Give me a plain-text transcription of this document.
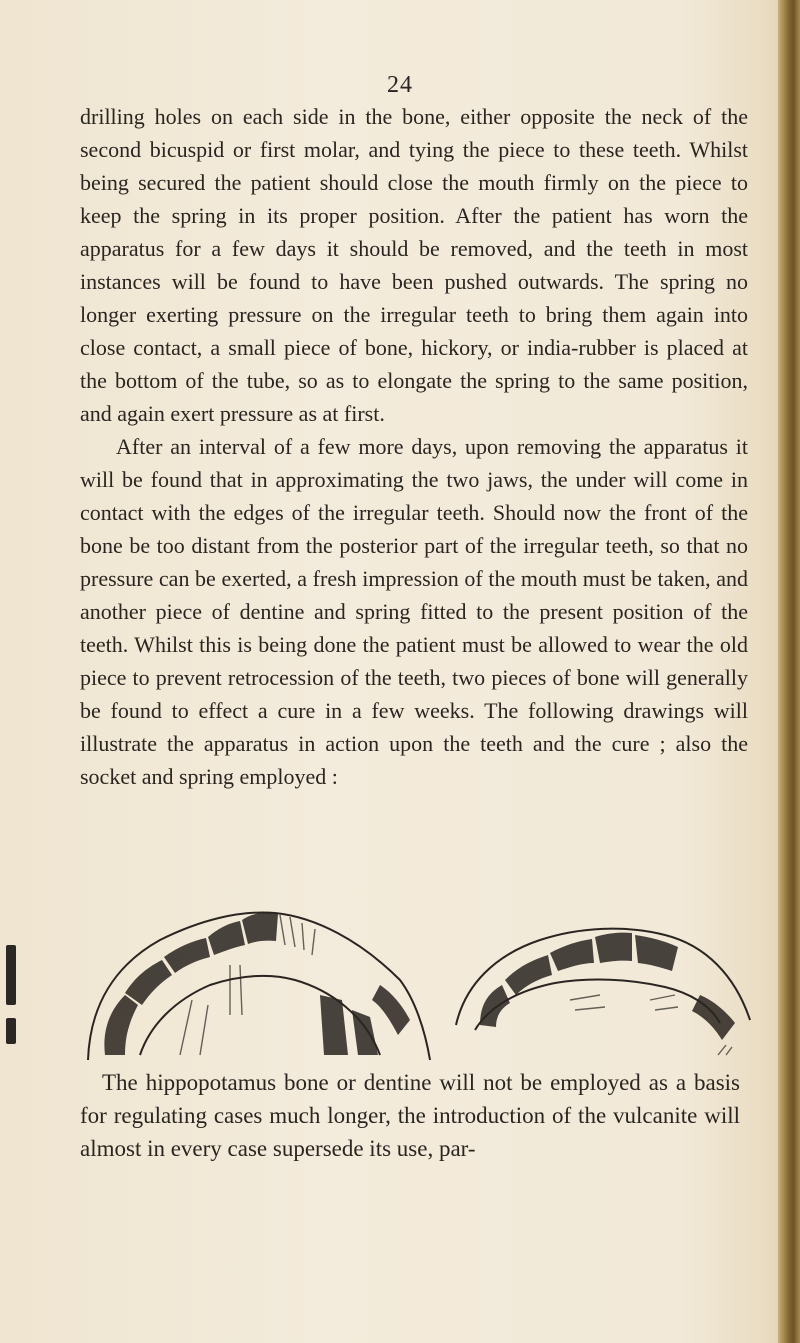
24

drilling holes on each side in the bone, either opposite the neck of the second bicuspid or first molar, and tying the piece to these teeth. Whilst being secured the patient should close the mouth firmly on the piece to keep the spring in its proper position. After the patient has worn the apparatus for a few days it should be removed, and the teeth in most instances will be found to have been pushed outwards. The spring no longer exerting pressure on the irregular teeth to bring them again into close contact, a small piece of bone, hickory, or india-rubber is placed at the bottom of the tube, so as to elongate the spring to the same position, and again exert pressure as at first.

After an interval of a few more days, upon removing the apparatus it will be found that in approximating the two jaws, the under will come in contact with the edges of the irregular teeth. Should now the front of the bone be too distant from the posterior part of the irregular teeth, so that no pressure can be exerted, a fresh impression of the mouth must be taken, and another piece of dentine and spring fitted to the present position of the teeth. Whilst this is being done the patient must be allowed to wear the old piece to prevent retrocession of the teeth, two pieces of bone will generally be found to effect a cure in a few weeks. The following drawings will illustrate the apparatus in action upon the teeth and the cure ; also the socket and spring employed :

The hippopotamus bone or dentine will not be employed as a basis for regulating cases much longer, the introduction of the vulcanite will almost in every case supersede its use, par-
